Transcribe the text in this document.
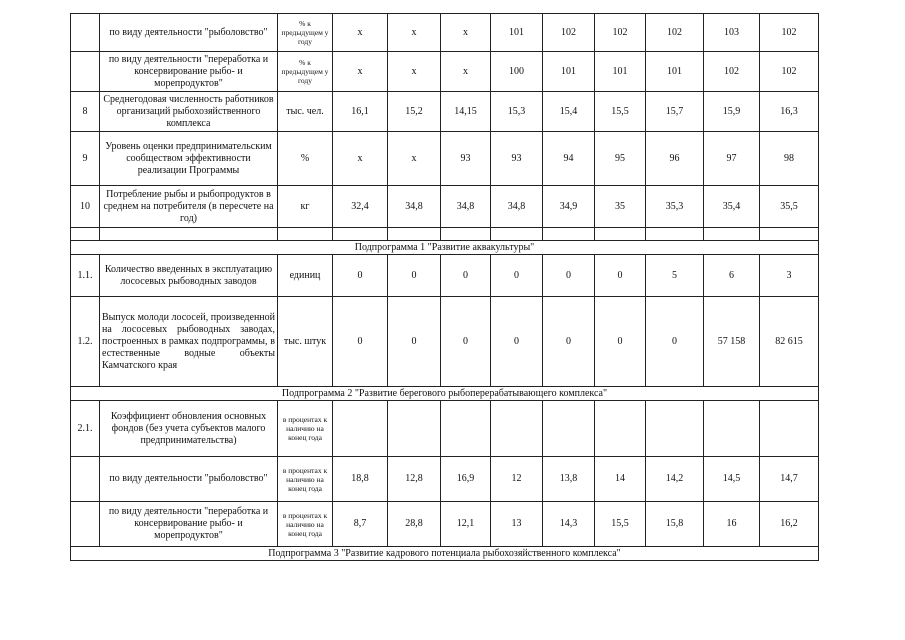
	по виду деятельности "рыболовство"	% к предыдущем у году	x	x	x	101	102	102	102	103	102
	по виду деятельности "переработка и консервирование рыбо- и морепродуктов"	% к предыдущем у году	x	x	x	100	101	101	101	102	102
8	Среднегодовая численность работников организаций рыбохозяйственного комплекса	тыс. чел.	16,1	15,2	14,15	15,3	15,4	15,5	15,7	15,9	16,3
9	Уровень оценки предпринимательским сообществом эффективности реализации Программы	%	x	x	93	93	94	95	96	97	98
10	Потребление рыбы и рыбопродуктов в среднем на потребителя (в пересчете на год)	кг	32,4	34,8	34,8	34,8	34,9	35	35,3	35,4	35,5

Подпрограмма 1 "Развитие аквакультуры"											
1.1.	Количество введенных в эксплуатацию лососевых рыбоводных заводов	единиц	0	0	0	0	0	0	5	6	3
1.2.	Выпуск молоди лососей, произведенной на лососевых рыбоводных заводах, построенных в рамках подпрограммы, в естественные водные объекты Камчатского края	тыс. штук	0	0	0	0	0	0	0	57 158	82 615
Подпрограмма 2 "Развитие берегового рыбоперерабатывающего комплекса"											
2.1.	Коэффициент обновления основных фондов (без учета субъектов малого предпринимательства)	в процентах к наличию на конец года									
	по виду деятельности "рыболовство"	в процентах к наличию на конец года	18,8	12,8	16,9	12	13,8	14	14,2	14,5	14,7
	по виду деятельности "переработка и консервирование рыбо- и морепродуктов"	в процентах к наличию на конец года	8,7	28,8	12,1	13	14,3	15,5	15,8	16	16,2
Подпрограмма 3 "Развитие кадрового потенциала рыбохозяйственного комплекса"											
